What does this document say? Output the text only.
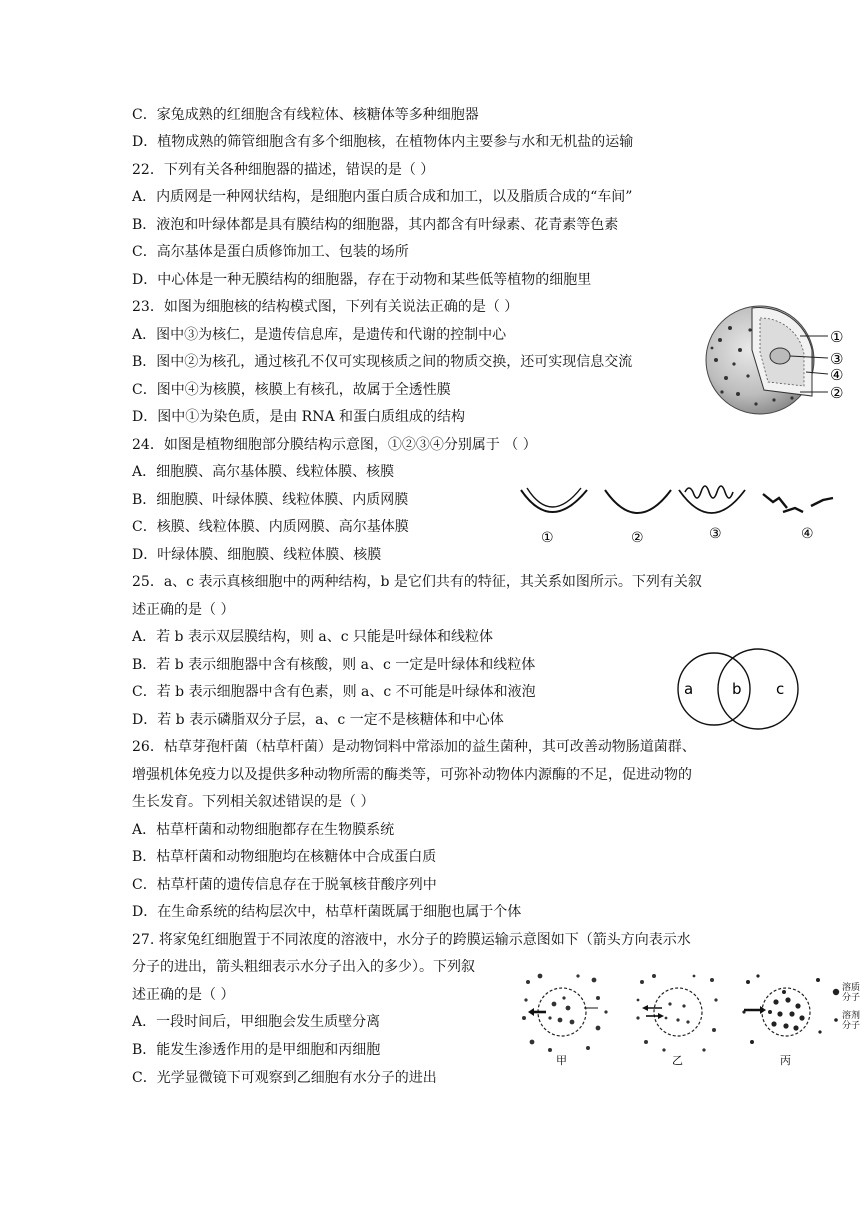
C．家兔成熟的红细胞含有线粒体、核糖体等多种细胞器
D．植物成熟的筛管细胞含有多个细胞核，在植物体内主要参与水和无机盐的运输
22．下列有关各种细胞器的描述，错误的是（ ）
A．内质网是一种网状结构，是细胞内蛋白质合成和加工，以及脂质合成的“车间”
B．液泡和叶绿体都是具有膜结构的细胞器，其内都含有叶绿素、花青素等色素
C．高尔基体是蛋白质修饰加工、包装的场所
D．中心体是一种无膜结构的细胞器，存在于动物和某些低等植物的细胞里
23．如图为细胞核的结构模式图，下列有关说法正确的是（ ）
A．图中③为核仁，是遗传信息库，是遗传和代谢的控制中心
B．图中②为核孔，通过核孔不仅可实现核质之间的物质交换，还可实现信息交流
C．图中④为核膜，核膜上有核孔，故属于全透性膜
D．图中①为染色质，是由 RNA 和蛋白质组成的结构
24．如图是植物细胞部分膜结构示意图，①②③④分别属于 （ ）
A．细胞膜、高尔基体膜、线粒体膜、核膜
B．细胞膜、叶绿体膜、线粒体膜、内质网膜
C．核膜、线粒体膜、内质网膜、高尔基体膜
D．叶绿体膜、细胞膜、线粒体膜、核膜
25．a、c 表示真核细胞中的两种结构，b 是它们共有的特征，其关系如图所示。下列有关叙
述正确的是（ ）
A．若 b 表示双层膜结构，则 a、c 只能是叶绿体和线粒体
B．若 b 表示细胞器中含有核酸，则 a、c 一定是叶绿体和线粒体
C．若 b 表示细胞器中含有色素，则 a、c 不可能是叶绿体和液泡
D．若 b 表示磷脂双分子层，a、c 一定不是核糖体和中心体
26．枯草芽孢杆菌（枯草杆菌）是动物饲料中常添加的益生菌种，其可改善动物肠道菌群、
增强机体免疫力以及提供多种动物所需的酶类等，可弥补动物体内源酶的不足，促进动物的
生长发育。下列相关叙述错误的是（ ）
A．枯草杆菌和动物细胞都存在生物膜系统
B．枯草杆菌和动物细胞均在核糖体中合成蛋白质
C．枯草杆菌的遗传信息存在于脱氧核苷酸序列中
D．在生命系统的结构层次中，枯草杆菌既属于细胞也属于个体
27. 将家兔红细胞置于不同浓度的溶液中，水分子的跨膜运输示意图如下（箭头方向表示水
分子的进出，箭头粗细表示水分子出入的多少）。下列叙
述正确的是（ ）
A．一段时间后，甲细胞会发生质壁分离
B．能发生渗透作用的是甲细胞和丙细胞
C．光学显微镜下可观察到乙细胞有水分子的进出
①
③
④
②
①	②	③	④
a	b c
溶质
分子
溶剂
分子
甲	乙	丙
